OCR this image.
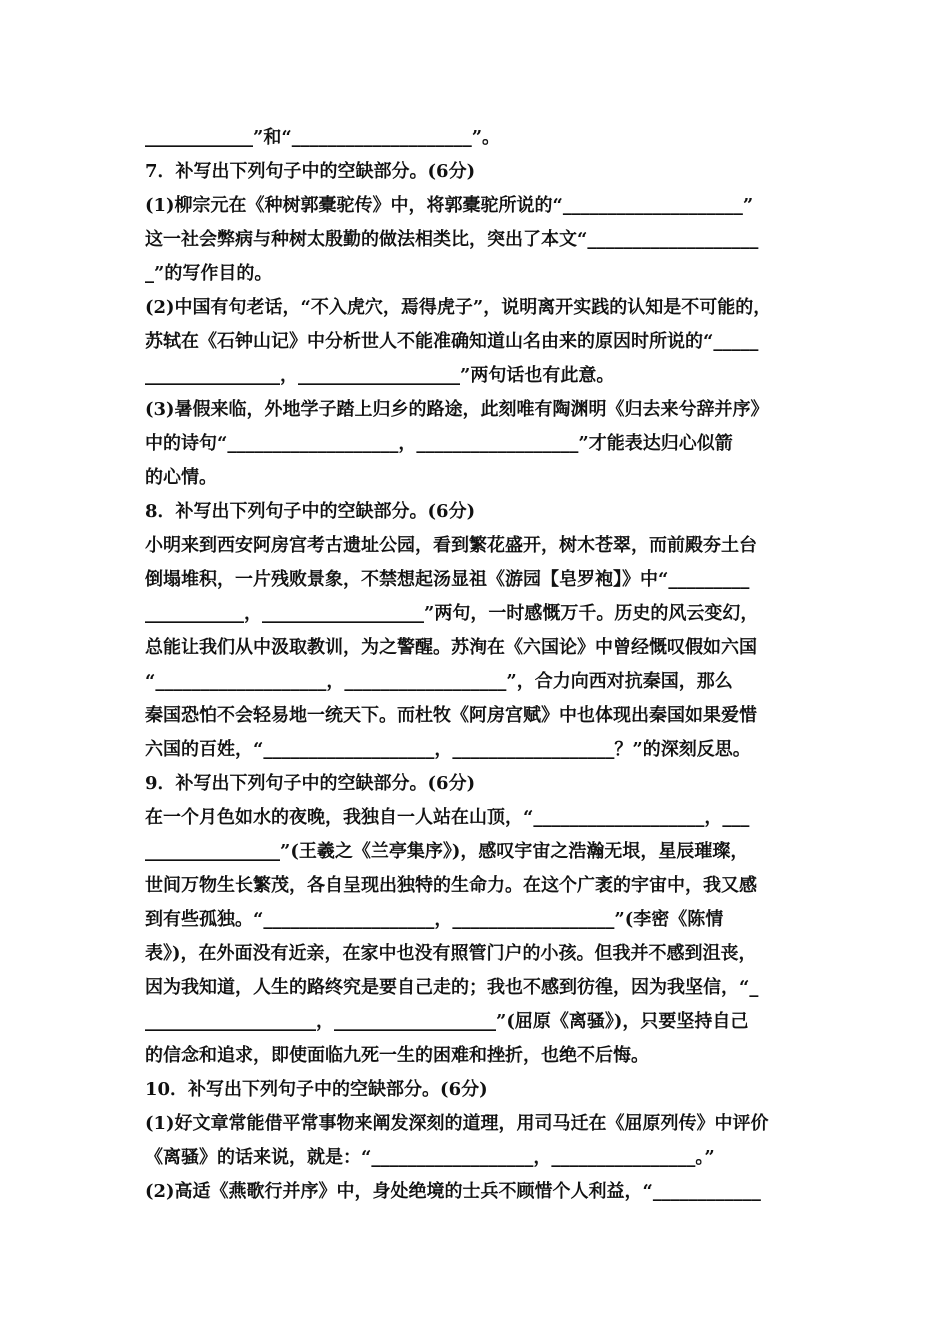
____________”和“____________________”。
7．补写出下列句子中的空缺部分。(6分)
(1)柳宗元在《种树郭橐驼传》中，将郭橐驼所说的“____________________”
这一社会弊病与种树太殷勤的做法相类比，突出了本文“___________________
_”的写作目的。
(2)中国有句老话，“不入虎穴，焉得虎子”，说明离开实践的认知是不可能的，
苏轼在《石钟山记》中分析世人不能准确知道山名由来的原因时所说的“_____
_______________，__________________”两句话也有此意。
(3)暑假来临，外地学子踏上归乡的路途，此刻唯有陶渊明《归去来兮辞并序》
中的诗句“___________________，__________________”才能表达归心似箭
的心情。
8．补写出下列句子中的空缺部分。(6分)
小明来到西安阿房宫考古遗址公园，看到繁花盛开，树木苍翠，而前殿夯土台
倒塌堆积，一片残败景象，不禁想起汤显祖《游园【皂罗袍】》中“_________
___________，__________________”两句，一时感慨万千。历史的风云变幻，
总能让我们从中汲取教训，为之警醒。苏洵在《六国论》中曾经慨叹假如六国
“___________________，__________________”，合力向西对抗秦国，那么
秦国恐怕不会轻易地一统天下。而杜牧《阿房宫赋》中也体现出秦国如果爱惜
六国的百姓，“___________________，__________________？”的深刻反思。
9．补写出下列句子中的空缺部分。(6分)
在一个月色如水的夜晚，我独自一人站在山顶，“___________________，___
_______________”(王羲之《兰亭集序》)，感叹宇宙之浩瀚无垠，星辰璀璨，
世间万物生长繁茂，各自呈现出独特的生命力。在这个广袤的宇宙中，我又感
到有些孤独。“___________________，__________________”(李密《陈情
表》)，在外面没有近亲，在家中也没有照管门户的小孩。但我并不感到沮丧，
因为我知道，人生的路终究是要自己走的；我也不感到彷徨，因为我坚信，“_
___________________，__________________”(屈原《离骚》)，只要坚持自己
的信念和追求，即使面临九死一生的困难和挫折，也绝不后悔。
10．补写出下列句子中的空缺部分。(6分)
(1)好文章常能借平常事物来阐发深刻的道理，用司马迁在《屈原列传》中评价
《离骚》的话来说，就是：“__________________，________________。”
(2)高适《燕歌行并序》中，身处绝境的士兵不顾惜个人利益，“____________
